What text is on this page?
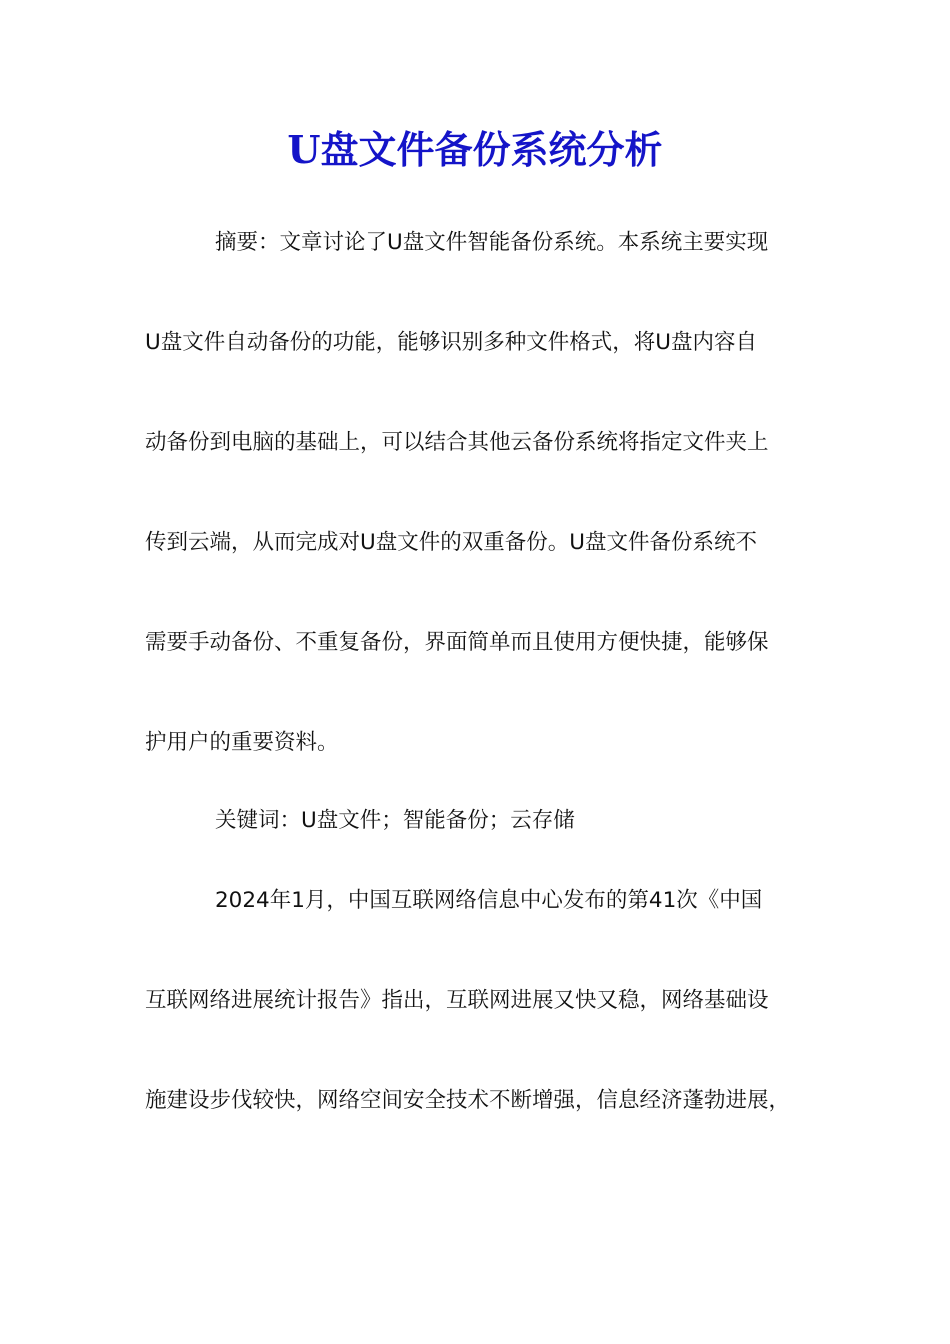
U盘文件备份系统分析
摘要：文章讨论了U盘文件智能备份系统。本系统主要实现
U盘文件自动备份的功能，能够识别多种文件格式，将U盘内容自
动备份到电脑的基础上，可以结合其他云备份系统将指定文件夹上
传到云端，从而完成对U盘文件的双重备份。U盘文件备份系统不
需要手动备份、不重复备份，界面简单而且使用方便快捷，能够保
护用户的重要资料。
关键词：U盘文件；智能备份；云存储
2024年1月，中国互联网络信息中心发布的第41次《中国
互联网络进展统计报告》指出，互联网进展又快又稳，网络基础设
施建设步伐较快，网络空间安全技术不断增强，信息经济蓬勃进展，
